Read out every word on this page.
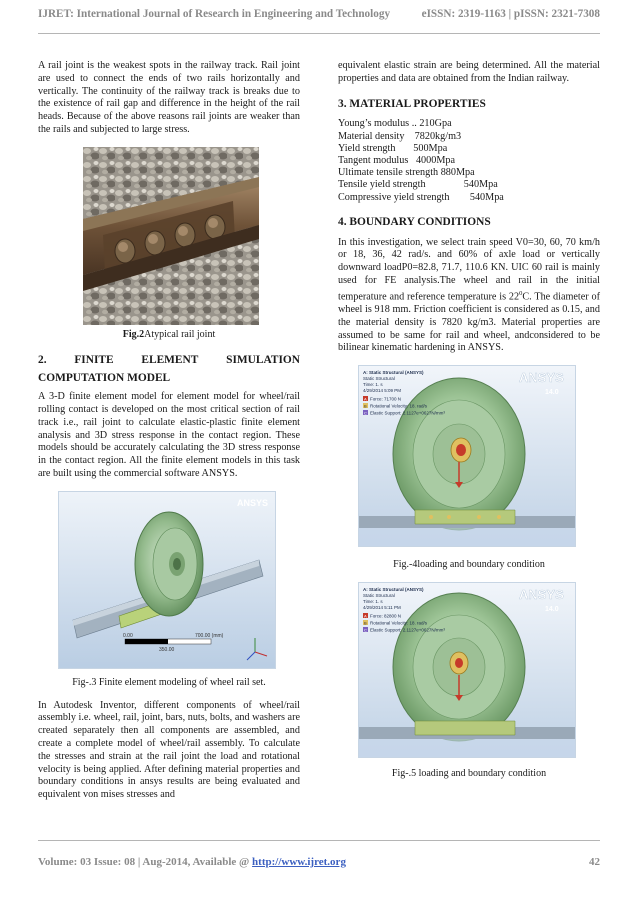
IJRET: International Journal of Research in Engineering and Technology	eISSN: 2319-1163 | pISSN: 2321-7308

A rail joint is the weakest spots in the railway track. Rail joint are used to connect the ends of two rails horizontally and vertically. The continuity of the railway track is breaks due to the existence of rail gap and difference in the height of the rail heads. Because of the above reasons rail joints are weaker than the rails and subjected to large stress.

Fig.2Atypical rail joint

2. FINITE ELEMENT SIMULATION
COMPUTATION MODEL

A 3-D finite element model for element model for wheel/rail rolling contact is developed on the most critical section of rail track i.e., rail joint to calculate elastic-plastic finite element analysis and 3D stress response in the contact region. These models should be accurately calculating the 3D stress response in the contact region. All the finite element models in this task are built using the commercial software ANSYS.

ANSYS
0.00	700.00 (mm)
350.00

Fig-.3 Finite element modeling of wheel rail set.

In Autodesk Inventor, different components of wheel/rail assembly i.e. wheel, rail, joint, bars, nuts, bolts, and washers are created separately then all components are assembled, and create a complete model of wheel/rail assembly. To calculate the stresses and strain at the rail joint the load and rotational velocity is being applied. After defining material properties and boundary conditions in ansys results are being evaluated and equivalent von mises stresses and

equivalent elastic strain are being determined. All the material properties and data are obtained from the Indian railway.

3. MATERIAL PROPERTIES
Young’s modulus .. 210Gpa
Material density    7820kg/m3
Yield strength       500Mpa
Tangent modulus   4000Mpa
Ultimate tensile strength 880Mpa
Tensile yield strength               540Mpa
Compressive yield strength        540Mpa
4. BOUNDARY CONDITIONS

In this investigation, we select train speed V0=30, 60, 70 km/h or 18, 36, 42 rad/s. and 60% of axle load or vertically downward loadP0=82.8, 71.7, 110.6 KN. UIC 60 rail is mainly used for FE analysis.The wheel and rail in the initial temperature and reference temperature is $22^0C$. The diameter of wheel is 918 mm. Friction coefficient is considered as 0.15, and the material density is 7820 kg/m3. Material properties are assumed to be same for rail and wheel, andconsidered to be bilinear kinematic hardening in ANSYS.

ANSYS
14.0
A: Static Structural (ANSYS)
Static Structural
Time: 1. s
4/29/2014 5:09 PM
A Force: 71700 N
B Rotational Velocity: 18. rad/s
C Elastic Support: 2.1127e+0627N/mm³

Fig.-4loading and boundary condition

ANSYS
14.0
A: Static Structural (ANSYS)
Static Structural
Time: 1. s
4/29/2014 5:11 PM
A Force: 82800 N
B Rotational Velocity: 18. rad/s
C Elastic Support: 2.1127e+0627N/mm³

Fig-.5 loading and boundary condition

Volume: 03 Issue: 08 | Aug-2014, Available @ http://www.ijret.org	42
